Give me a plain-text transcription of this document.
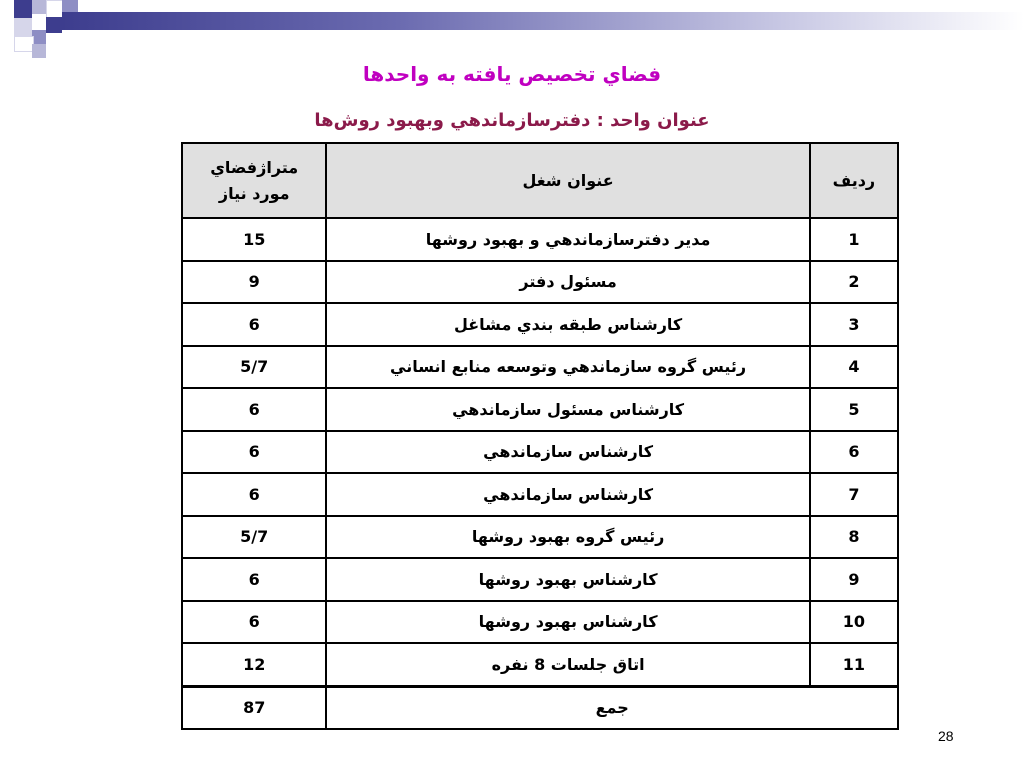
فضاي تخصيص يافته به واحدها
عنوان واحد : دفترسازماندهي وبهبود روش‌ها
رديف	عنوان شغل	متراژفضاي مورد نياز
1	مدير دفترسازماندهي و بهبود روشها	15
2	مسئول دفتر	9
3	كارشناس طبقه بندي مشاغل	6
4	رئيس گروه سازماندهي وتوسعه منابع انساني	5/7
5	كارشناس مسئول سازماندهي	6
6	كارشناس سازماندهي	6
7	كارشناس سازماندهي	6
8	رئيس گروه بهبود روشها	5/7
9	كارشناس بهبود روشها	6
10	كارشناس بهبود روشها	6
11	اتاق جلسات 8 نفره	12
جمع		87
28
